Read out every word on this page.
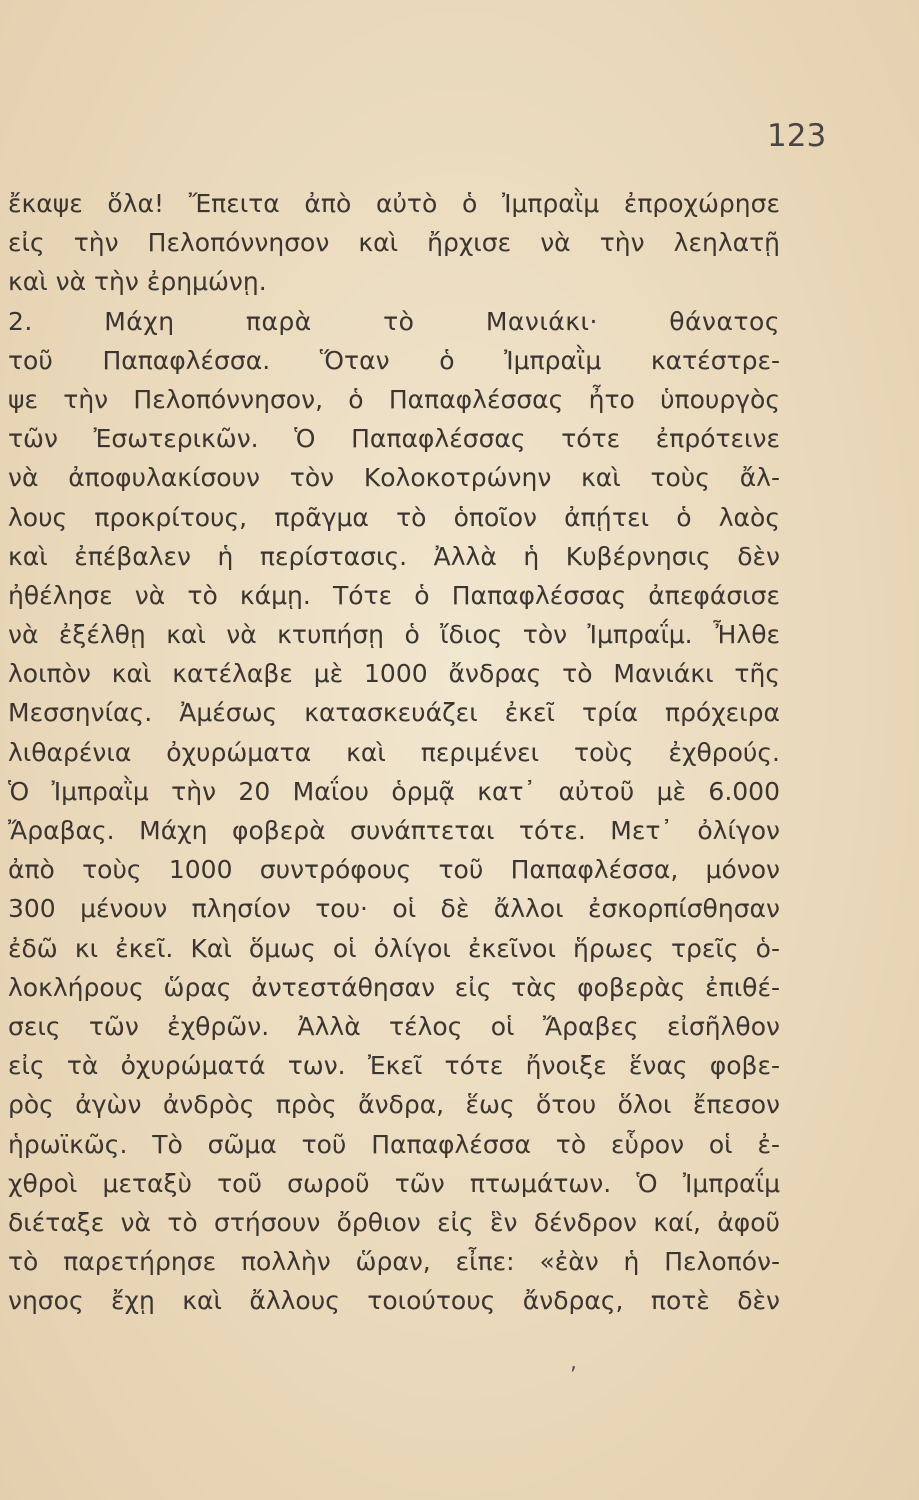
123
ἔκαψε ὅλα! Ἔπειτα ἀπὸ αὐτὸ ὁ Ἰμπραῒμ ἐπροχώρησε
εἰς τὴν Πελοπόννησον καὶ ἤρχισε νὰ τὴν λεηλατῇ
καὶ νὰ τὴν ἐρημώνῃ.
2. Μάχη παρὰ τὸ Μανιάκι· θάνατος
τοῦ Παπαφλέσσα. Ὅταν ὁ Ἰμπραῒμ κατέστρε-
ψε τὴν Πελοπόννησον, ὁ Παπαφλέσσας ἦτο ὑπουργὸς
τῶν Ἐσωτερικῶν. Ὁ Παπαφλέσσας τότε ἐπρότεινε
νὰ ἀποφυλακίσουν τὸν Κολοκοτρώνην καὶ τοὺς ἄλ-
λους προκρίτους, πρᾶγμα τὸ ὁποῖον ἀπῄτει ὁ λαὸς
καὶ ἐπέβαλεν ἡ περίστασις. Ἀλλὰ ἡ Κυβέρνησις δὲν
ἠθέλησε νὰ τὸ κάμῃ. Τότε ὁ Παπαφλέσσας ἀπεφάσισε
νὰ ἐξέλθῃ καὶ νὰ κτυπήσῃ ὁ ἴδιος τὸν Ἰμπραΐμ. Ἦλθε
λοιπὸν καὶ κατέλαβε μὲ 1000 ἄνδρας τὸ Μανιάκι τῆς
Μεσσηνίας. Ἀμέσως κατασκευάζει ἐκεῖ τρία πρόχειρα
λιθαρένια ὀχυρώματα καὶ περιμένει τοὺς ἐχθρούς.
Ὁ Ἰμπραῒμ τὴν 20 Μαΐου ὁρμᾷ κατ᾿ αὐτοῦ μὲ 6.000
Ἄραβας. Μάχη φοβερὰ συνάπτεται τότε. Μετ᾿ ὀλίγον
ἀπὸ τοὺς 1000 συντρόφους τοῦ Παπαφλέσσα, μόνον
300 μένουν πλησίον του· οἱ δὲ ἄλλοι ἐσκορπίσθησαν
ἐδῶ κι ἐκεῖ. Καὶ ὅμως οἱ ὀλίγοι ἐκεῖνοι ἥρωες τρεῖς ὁ-
λοκλήρους ὥρας ἀντεστάθησαν εἰς τὰς φοβερὰς ἐπιθέ-
σεις τῶν ἐχθρῶν. Ἀλλὰ τέλος οἱ Ἄραβες εἰσῆλθον
εἰς τὰ ὀχυρώματά των. Ἐκεῖ τότε ἤνοιξε ἕνας φοβε-
ρὸς ἀγὼν ἀνδρὸς πρὸς ἄνδρα, ἕως ὅτου ὅλοι ἔπεσον
ἡρωϊκῶς. Τὸ σῶμα τοῦ Παπαφλέσσα τὸ εὗρον οἱ ἐ-
χθροὶ μεταξὺ τοῦ σωροῦ τῶν πτωμάτων. Ὁ Ἰμπραΐμ
διέταξε νὰ τὸ στήσουν ὄρθιον εἰς ἓν δένδρον καί, ἀφοῦ
τὸ παρετήρησε πολλὴν ὥραν, εἶπε: «ἐὰν ἡ Πελοπόν-
νησος ἔχῃ καὶ ἄλλους τοιούτους ἄνδρας, ποτὲ δὲν
,
